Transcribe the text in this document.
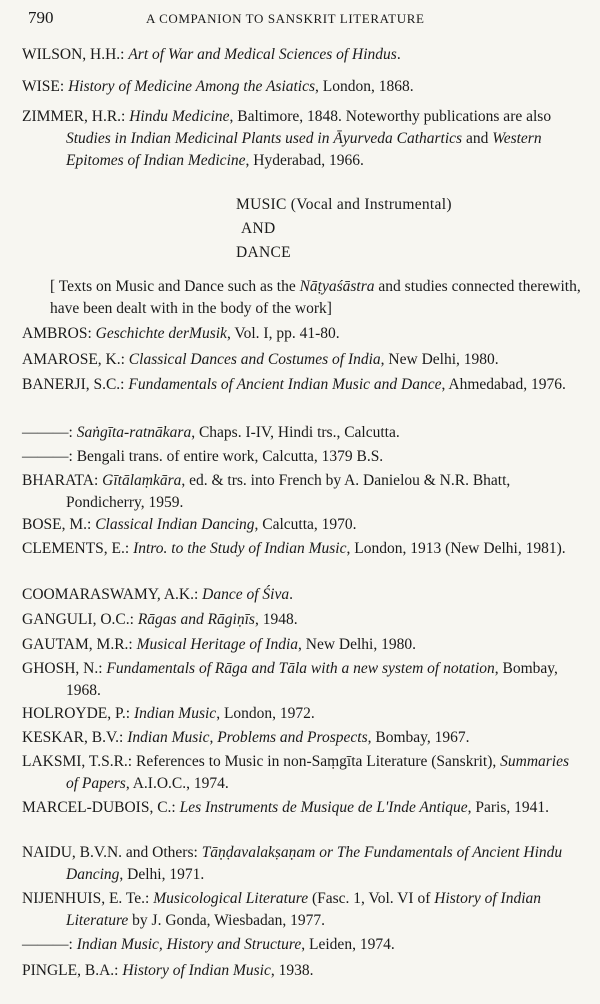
790	A COMPANION TO SANSKRIT LITERATURE
WILSON, H.H.: Art of War and Medical Sciences of Hindus.
WISE: History of Medicine Among the Asiatics, London, 1868.
ZIMMER, H.R.: Hindu Medicine, Baltimore, 1848. Noteworthy publications are also Studies in Indian Medicinal Plants used in Āyurveda Cathartics and Western Epitomes of Indian Medicine, Hyderabad, 1966.
MUSIC (Vocal and Instrumental)
AND
DANCE
[ Texts on Music and Dance such as the Nāṭyaśāstra and studies connected therewith, have been dealt with in the body of the work]
AMBROS: Geschichte derMusik, Vol. I, pp. 41-80.
AMAROSE, K.: Classical Dances and Costumes of India, New Delhi, 1980.
BANERJI, S.C.: Fundamentals of Ancient Indian Music and Dance, Ahmedabad, 1976.
———: Saṅgīta-ratnākara, Chaps. I-IV, Hindi trs., Calcutta.
———: Bengali trans. of entire work, Calcutta, 1379 B.S.
BHARATA: Gītālaṃkāra, ed. & trs. into French by A. Danielou & N.R. Bhatt, Pondicherry, 1959.
BOSE, M.: Classical Indian Dancing, Calcutta, 1970.
CLEMENTS, E.: Intro. to the Study of Indian Music, London, 1913 (New Delhi, 1981).
COOMARASWAMY, A.K.: Dance of Śiva.
GANGULI, O.C.: Rāgas and Rāgiṇīs, 1948.
GAUTAM, M.R.: Musical Heritage of India, New Delhi, 1980.
GHOSH, N.: Fundamentals of Rāga and Tāla with a new system of notation, Bombay, 1968.
HOLROYDE, P.: Indian Music, London, 1972.
KESKAR, B.V.: Indian Music, Problems and Prospects, Bombay, 1967.
LAKSMI, T.S.R.: References to Music in non-Saṃgīta Literature (Sanskrit), Summaries of Papers, A.I.O.C., 1974.
MARCEL-DUBOIS, C.: Les Instruments de Musique de L'Inde Antique, Paris, 1941.
NAIDU, B.V.N. and Others: Tāṇḍavalakṣaṇam or The Fundamentals of Ancient Hindu Dancing, Delhi, 1971.
NIJENHUIS, E. Te.: Musicological Literature (Fasc. 1, Vol. VI of History of Indian Literature by J. Gonda, Wiesbadan, 1977.
———: Indian Music, History and Structure, Leiden, 1974.
PINGLE, B.A.: History of Indian Music, 1938.
